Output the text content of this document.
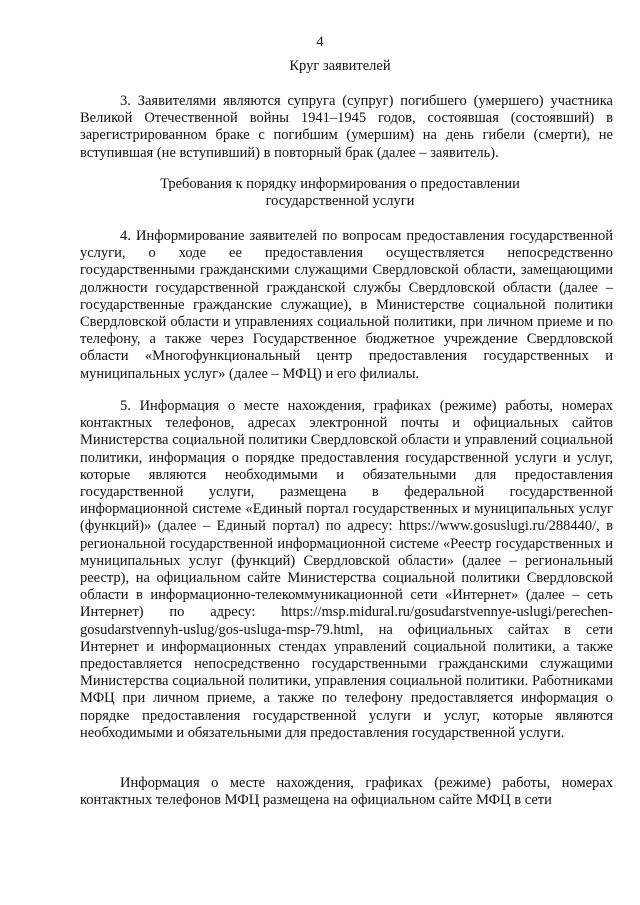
4
Круг заявителей

3. Заявителями являются супруга (супруг) погибшего (умершего) участника Великой Отечественной войны 1941–1945 годов, состоявшая (состоявший) в зарегистрированном браке с погибшим (умершим) на день гибели (смерти), не вступившая (не вступивший) в повторный брак (далее – заявитель).

Требования к порядку информирования о предоставлении
государственной услуги

4. Информирование заявителей по вопросам предоставления государственной услуги, о ходе ее предоставления осуществляется непосредственно государственными гражданскими служащими Свердловской области, замещающими должности государственной гражданской службы Свердловской области (далее – государственные гражданские служащие), в Министерстве социальной политики Свердловской области и управлениях социальной политики, при личном приеме и по телефону, а также через Государственное бюджетное учреждение Свердловской области «Многофункциональный центр предоставления государственных и муниципальных услуг» (далее – МФЦ) и его филиалы.

5. Информация о месте нахождения, графиках (режиме) работы, номерах контактных телефонов, адресах электронной почты и официальных сайтов Министерства социальной политики Свердловской области и управлений социальной политики, информация о порядке предоставления государственной услуги и услуг, которые являются необходимыми и обязательными для предоставления государственной услуги, размещена в федеральной государственной информационной системе «Единый портал государственных и муниципальных услуг (функций)» (далее – Единый портал) по адресу: https://www.gosuslugi.ru/288440/, в региональной государственной информационной системе «Реестр государственных и муниципальных услуг (функций) Свердловской области» (далее – региональный реестр), на официальном сайте Министерства социальной политики Свердловской области в информационно-телекоммуникационной сети «Интернет» (далее – сеть Интернет) по адресу: https://msp.midural.ru/gosudarstvennye-uslugi/perechen-gosudarstvennyh-uslug/gos-usluga-msp-79.html, на официальных сайтах в сети Интернет и информационных стендах управлений социальной политики, а также предоставляется непосредственно государственными гражданскими служащими Министерства социальной политики, управления социальной политики. Работниками МФЦ при личном приеме, а также по телефону предоставляется информация о порядке предоставления государственной услуги и услуг, которые являются необходимыми и обязательными для предоставления государственной услуги.

Информация о месте нахождения, графиках (режиме) работы, номерах контактных телефонов МФЦ размещена на официальном сайте МФЦ в сети
